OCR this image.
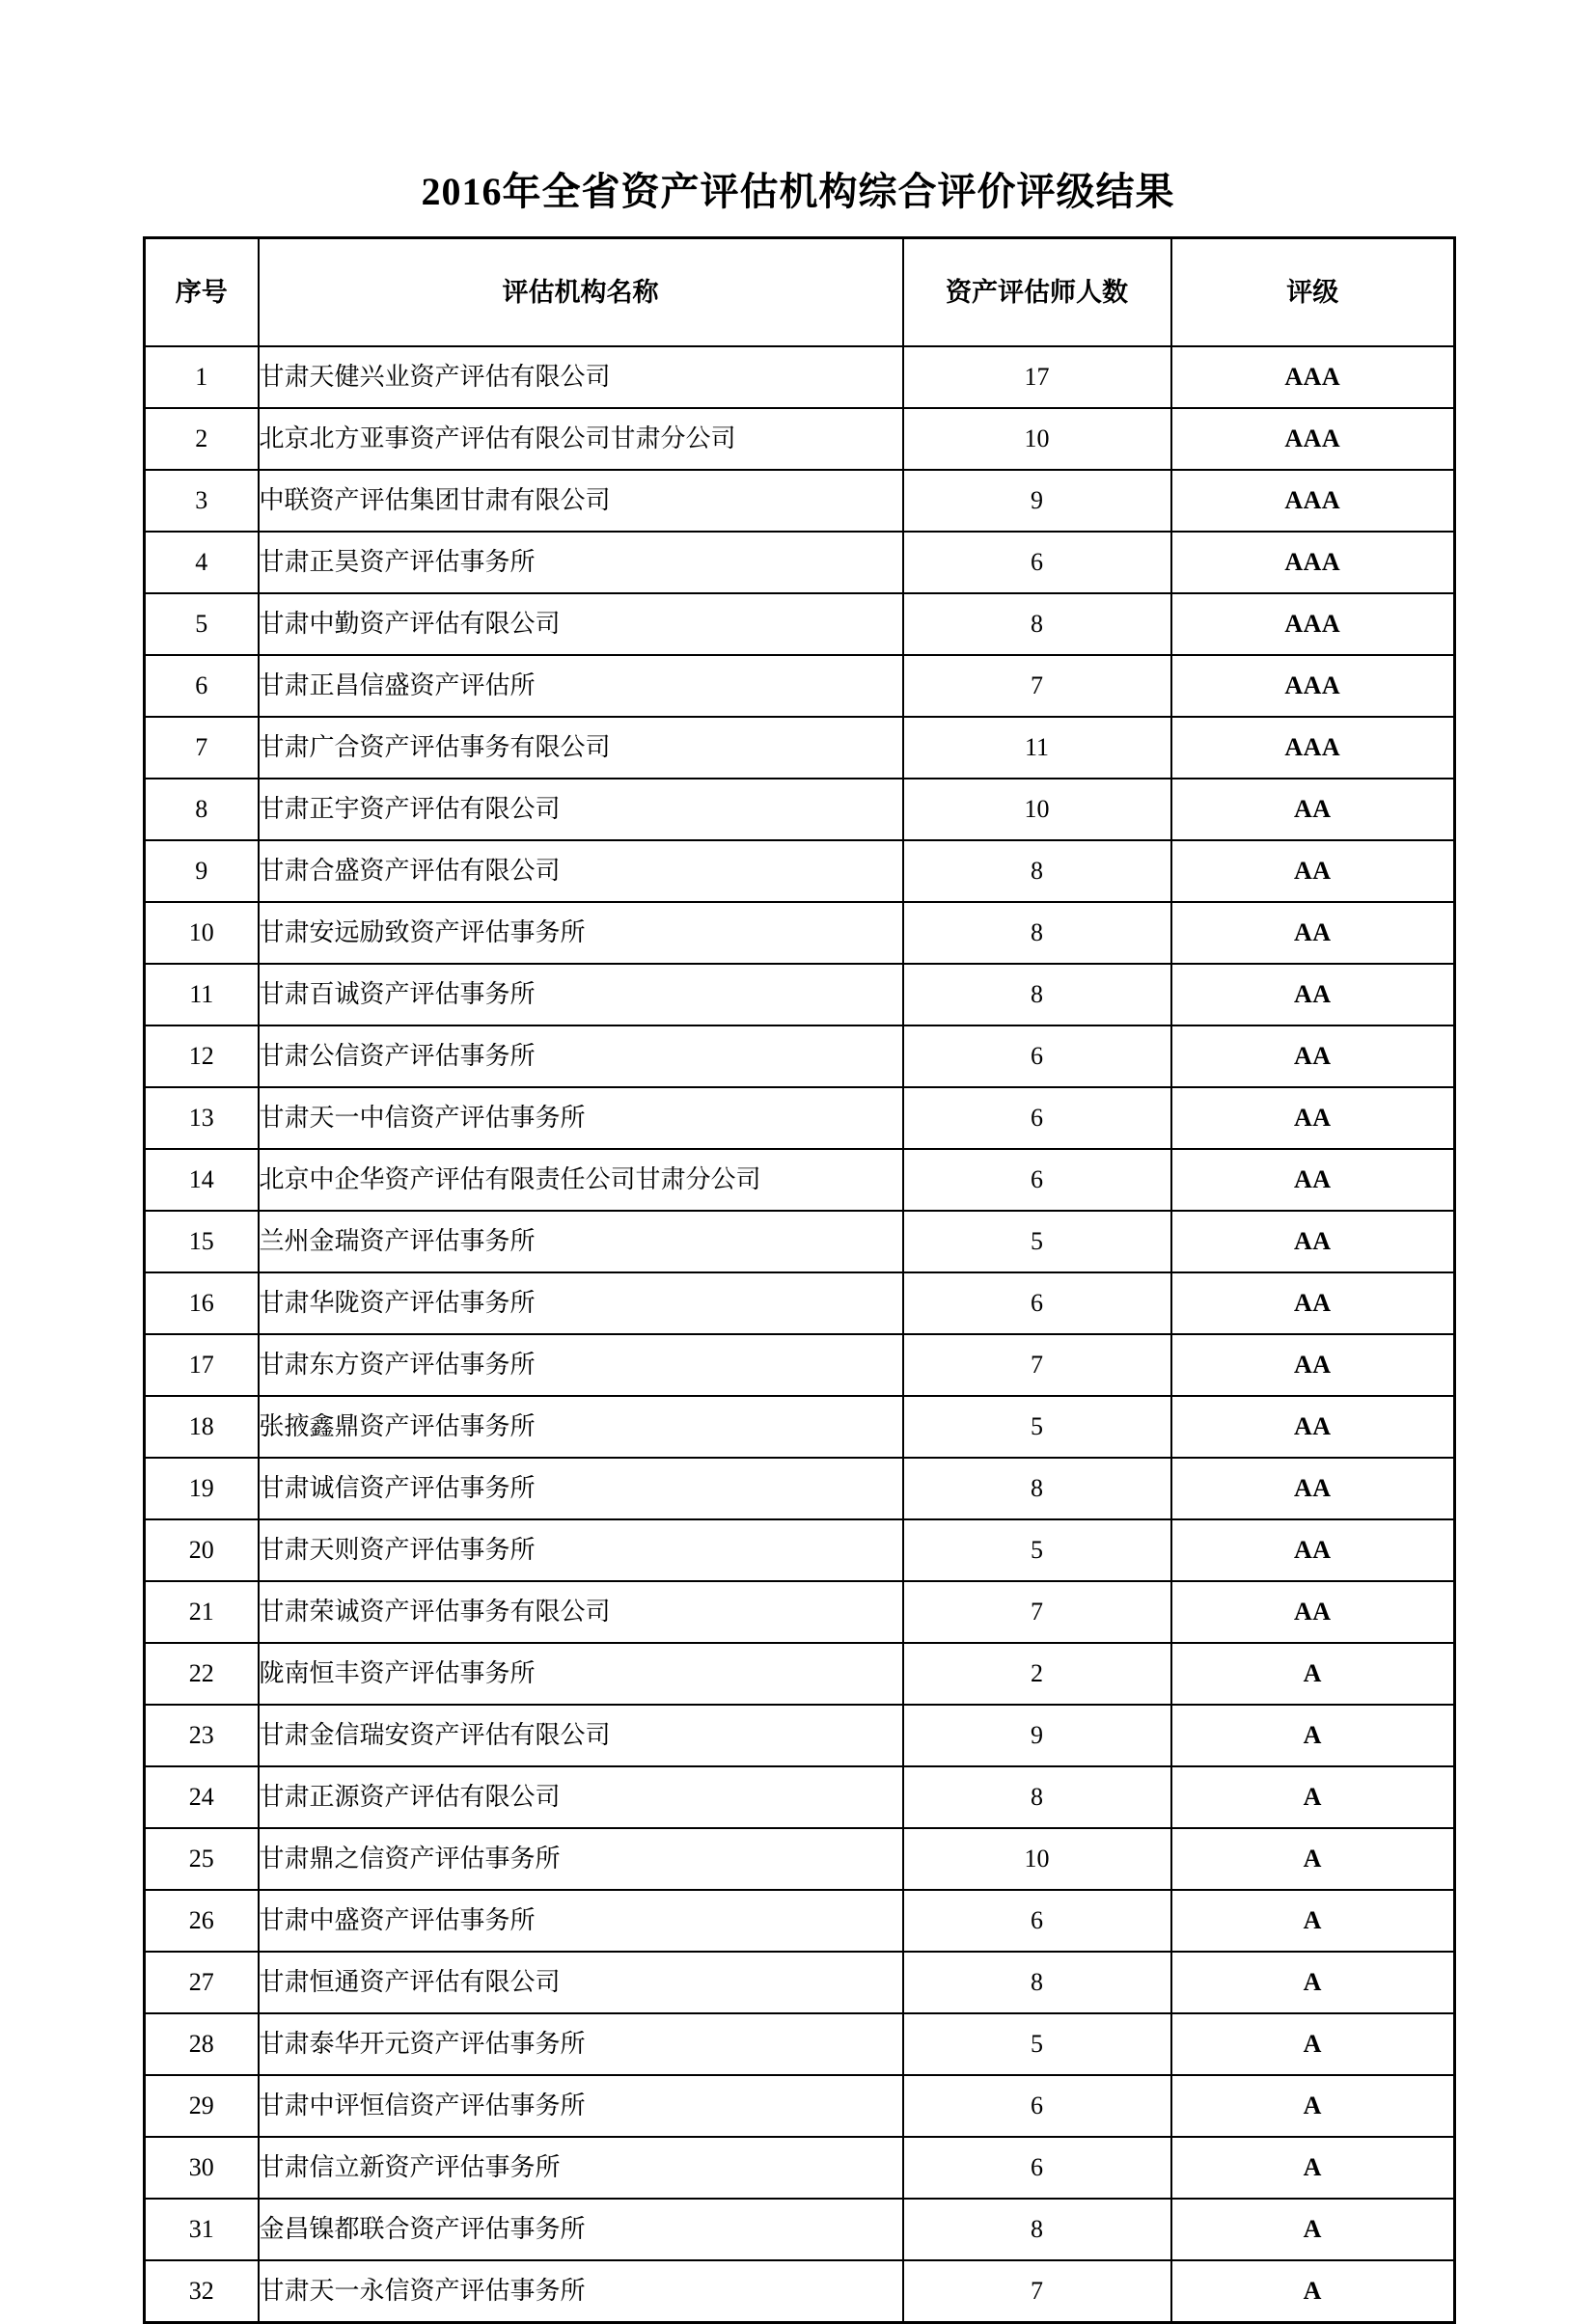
2016年全省资产评估机构综合评价评级结果
序号	评估机构名称	资产评估师人数	评级
1	甘肃天健兴业资产评估有限公司	17	AAA
2	北京北方亚事资产评估有限公司甘肃分公司	10	AAA
3	中联资产评估集团甘肃有限公司	9	AAA
4	甘肃正昊资产评估事务所	6	AAA
5	甘肃中勤资产评估有限公司	8	AAA
6	甘肃正昌信盛资产评估所	7	AAA
7	甘肃广合资产评估事务有限公司	11	AAA
8	甘肃正宇资产评估有限公司	10	AA
9	甘肃合盛资产评估有限公司	8	AA
10	甘肃安远励致资产评估事务所	8	AA
11	甘肃百诚资产评估事务所	8	AA
12	甘肃公信资产评估事务所	6	AA
13	甘肃天一中信资产评估事务所	6	AA
14	北京中企华资产评估有限责任公司甘肃分公司	6	AA
15	兰州金瑞资产评估事务所	5	AA
16	甘肃华陇资产评估事务所	6	AA
17	甘肃东方资产评估事务所	7	AA
18	张掖鑫鼎资产评估事务所	5	AA
19	甘肃诚信资产评估事务所	8	AA
20	甘肃天则资产评估事务所	5	AA
21	甘肃荣诚资产评估事务有限公司	7	AA
22	陇南恒丰资产评估事务所	2	A
23	甘肃金信瑞安资产评估有限公司	9	A
24	甘肃正源资产评估有限公司	8	A
25	甘肃鼎之信资产评估事务所	10	A
26	甘肃中盛资产评估事务所	6	A
27	甘肃恒通资产评估有限公司	8	A
28	甘肃泰华开元资产评估事务所	5	A
29	甘肃中评恒信资产评估事务所	6	A
30	甘肃信立新资产评估事务所	6	A
31	金昌镍都联合资产评估事务所	8	A
32	甘肃天一永信资产评估事务所	7	A
